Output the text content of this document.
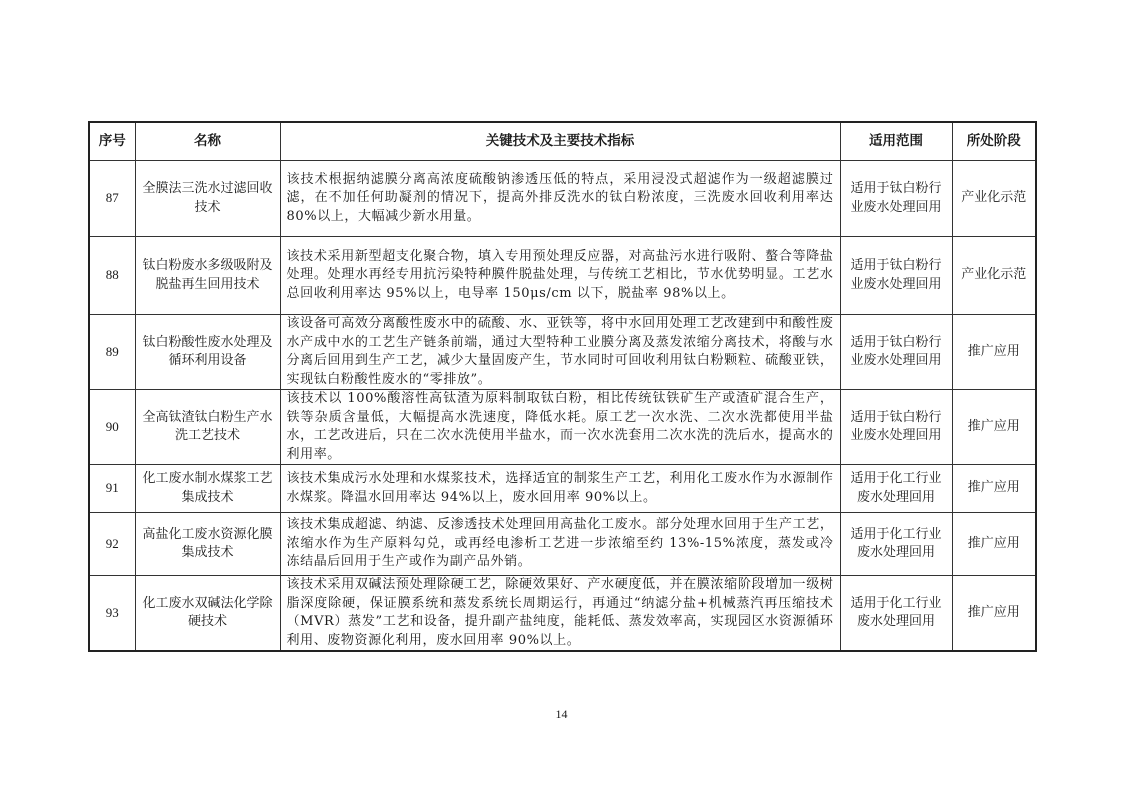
序号	名称	关键技术及主要技术指标	适用范围	所处阶段
87	全膜法三洗水过滤回收技术	该技术根据纳滤膜分离高浓度硫酸钠渗透压低的特点，采用浸没式超滤作为一级超滤膜过滤，在不加任何助凝剂的情况下，提高外排反洗水的钛白粉浓度，三洗废水回收利用率达80%以上，大幅减少新水用量。	适用于钛白粉行业废水处理回用	产业化示范
88	钛白粉废水多级吸附及脱盐再生回用技术	该技术采用新型超支化聚合物，填入专用预处理反应器，对高盐污水进行吸附、螯合等降盐处理。处理水再经专用抗污染特种膜件脱盐处理，与传统工艺相比，节水优势明显。工艺水总回收利用率达 95%以上，电导率 150μs/cm 以下，脱盐率 98%以上。	适用于钛白粉行业废水处理回用	产业化示范
89	钛白粉酸性废水处理及循环利用设备	该设备可高效分离酸性废水中的硫酸、水、亚铁等，将中水回用处理工艺改建到中和酸性废水产成中水的工艺生产链条前端，通过大型特种工业膜分离及蒸发浓缩分离技术，将酸与水分离后回用到生产工艺，减少大量固废产生，节水同时可回收利用钛白粉颗粒、硫酸亚铁，实现钛白粉酸性废水的“零排放”。	适用于钛白粉行业废水处理回用	推广应用
90	全高钛渣钛白粉生产水洗工艺技术	该技术以 100%酸溶性高钛渣为原料制取钛白粉，相比传统钛铁矿生产或渣矿混合生产，铁等杂质含量低，大幅提高水洗速度，降低水耗。原工艺一次水洗、二次水洗都使用半盐水，工艺改进后，只在二次水洗使用半盐水，而一次水洗套用二次水洗的洗后水，提高水的利用率。	适用于钛白粉行业废水处理回用	推广应用
91	化工废水制水煤浆工艺集成技术	该技术集成污水处理和水煤浆技术，选择适宜的制浆生产工艺，利用化工废水作为水源制作水煤浆。降温水回用率达 94%以上，废水回用率 90%以上。	适用于化工行业废水处理回用	推广应用
92	高盐化工废水资源化膜集成技术	该技术集成超滤、纳滤、反渗透技术处理回用高盐化工废水。部分处理水回用于生产工艺，浓缩水作为生产原料勾兑，或再经电渗析工艺进一步浓缩至约 13%-15%浓度，蒸发或冷冻结晶后回用于生产或作为副产品外销。	适用于化工行业废水处理回用	推广应用
93	化工废水双碱法化学除硬技术	该技术采用双碱法预处理除硬工艺，除硬效果好、产水硬度低，并在膜浓缩阶段增加一级树脂深度除硬，保证膜系统和蒸发系统长周期运行，再通过“纳滤分盐+机械蒸汽再压缩技术（MVR）蒸发”工艺和设备，提升副产盐纯度，能耗低、蒸发效率高，实现园区水资源循环利用、废物资源化利用，废水回用率 90%以上。	适用于化工行业废水处理回用	推广应用
14
